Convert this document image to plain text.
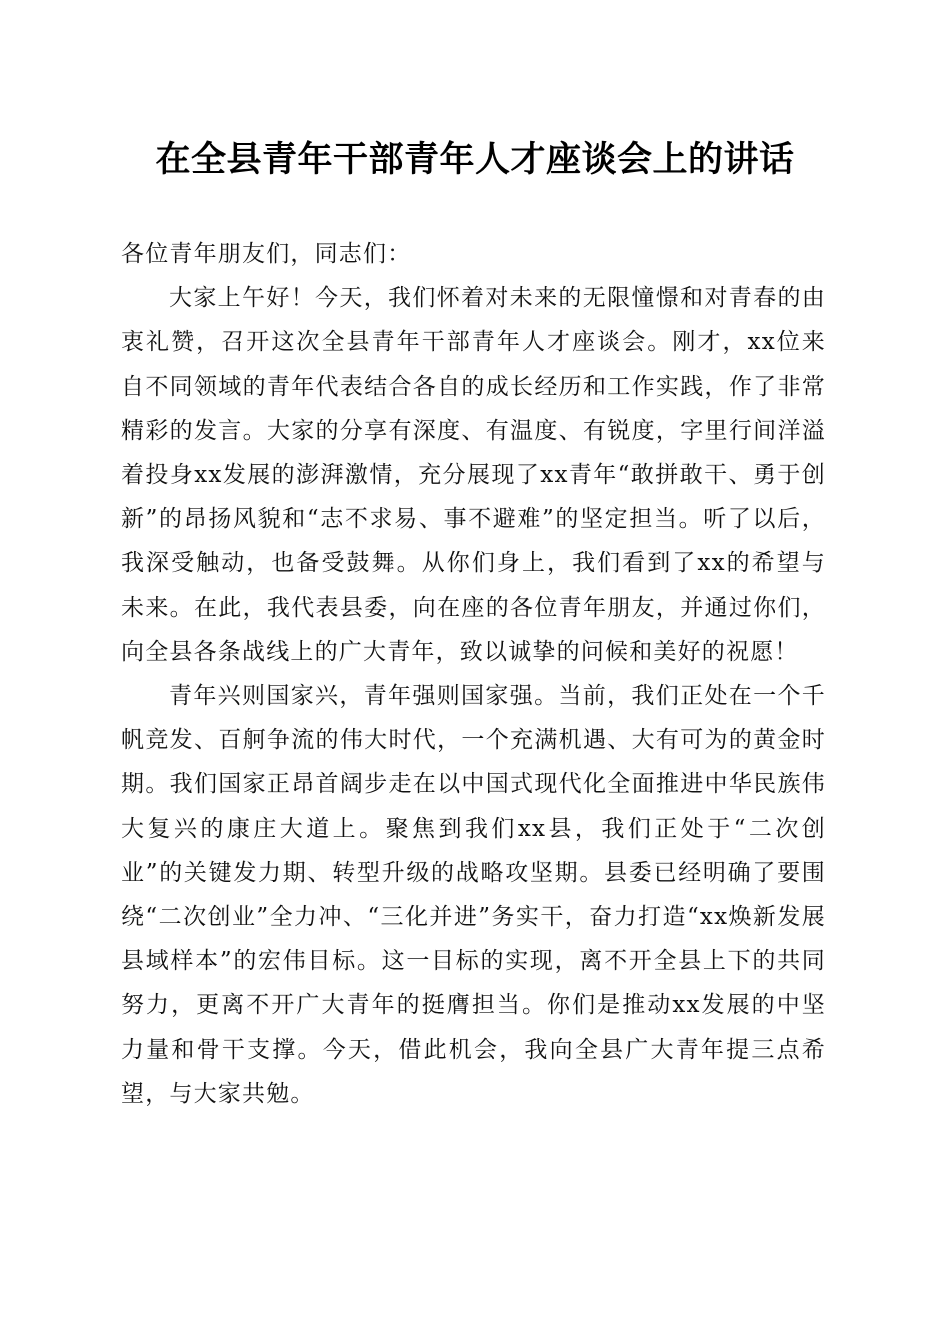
在全县青年干部青年人才座谈会上的讲话

各位青年朋友们，同志们：

大家上午好！今天，我们怀着对未来的无限憧憬和对青春的由衷礼赞，召开这次全县青年干部青年人才座谈会。刚才，xx位来自不同领域的青年代表结合各自的成长经历和工作实践，作了非常精彩的发言。大家的分享有深度、有温度、有锐度，字里行间洋溢着投身xx发展的澎湃激情，充分展现了xx青年“敢拼敢干、勇于创新”的昂扬风貌和“志不求易、事不避难”的坚定担当。听了以后，我深受触动，也备受鼓舞。从你们身上，我们看到了xx的希望与未来。在此，我代表县委，向在座的各位青年朋友，并通过你们，向全县各条战线上的广大青年，致以诚挚的问候和美好的祝愿！

青年兴则国家兴，青年强则国家强。当前，我们正处在一个千帆竞发、百舸争流的伟大时代，一个充满机遇、大有可为的黄金时期。我们国家正昂首阔步走在以中国式现代化全面推进中华民族伟大复兴的康庄大道上。聚焦到我们xx县，我们正处于“二次创业”的关键发力期、转型升级的战略攻坚期。县委已经明确了要围绕“二次创业”全力冲、“三化并进”务实干，奋力打造“xx焕新发展县域样本”的宏伟目标。这一目标的实现，离不开全县上下的共同努力，更离不开广大青年的挺膺担当。你们是推动xx发展的中坚力量和骨干支撑。今天，借此机会，我向全县广大青年提三点希望，与大家共勉。
